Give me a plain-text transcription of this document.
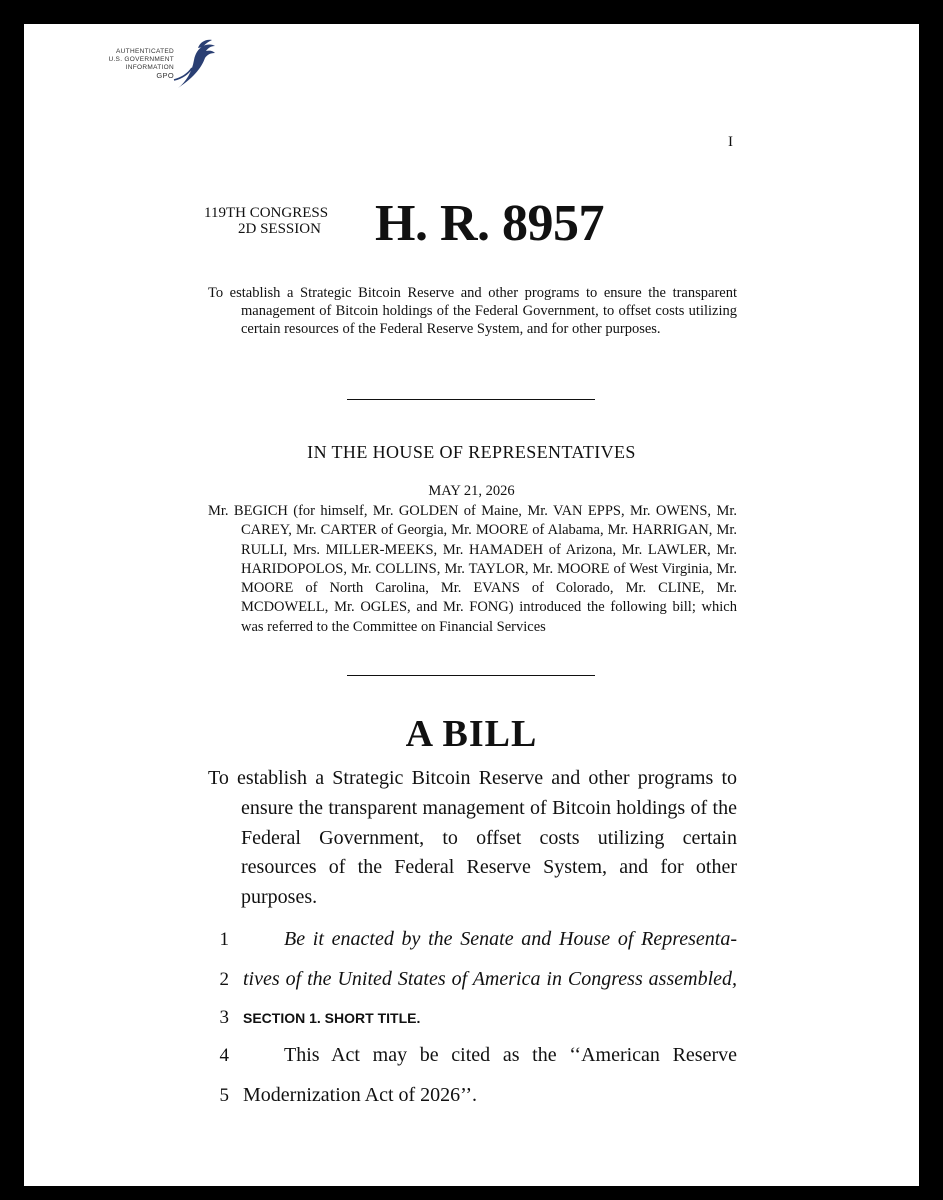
AUTHENTICATED
U.S. GOVERNMENT
INFORMATION
GPO
I
119TH CONGRESS
2D SESSION	H. R. 8957
To establish a Strategic Bitcoin Reserve and other programs to ensure the transparent management of Bitcoin holdings of the Federal Government, to offset costs utilizing certain resources of the Federal Reserve System, and for other purposes.
IN THE HOUSE OF REPRESENTATIVES
MAY 21, 2026
Mr. BEGICH (for himself, Mr. GOLDEN of Maine, Mr. VAN EPPS, Mr. OWENS, Mr. CAREY, Mr. CARTER of Georgia, Mr. MOORE of Alabama, Mr. HARRIGAN, Mr. RULLI, Mrs. MILLER-MEEKS, Mr. HAMADEH of Arizona, Mr. LAWLER, Mr. HARIDOPOLOS, Mr. COLLINS, Mr. TAYLOR, Mr. MOORE of West Virginia, Mr. MOORE of North Carolina, Mr. EVANS of Colorado, Mr. CLINE, Mr. MCDOWELL, Mr. OGLES, and Mr. FONG) introduced the following bill; which was referred to the Committee on Financial Services
A BILL
To establish a Strategic Bitcoin Reserve and other programs to ensure the transparent management of Bitcoin holdings of the Federal Government, to offset costs utilizing certain resources of the Federal Reserve System, and for other purposes.
1	Be it enacted by the Senate and House of Representa-
2 tives of the United States of America in Congress assembled,
3 SECTION 1. SHORT TITLE.
4	This Act may be cited as the ‘‘American Reserve
5 Modernization Act of 2026’’.
